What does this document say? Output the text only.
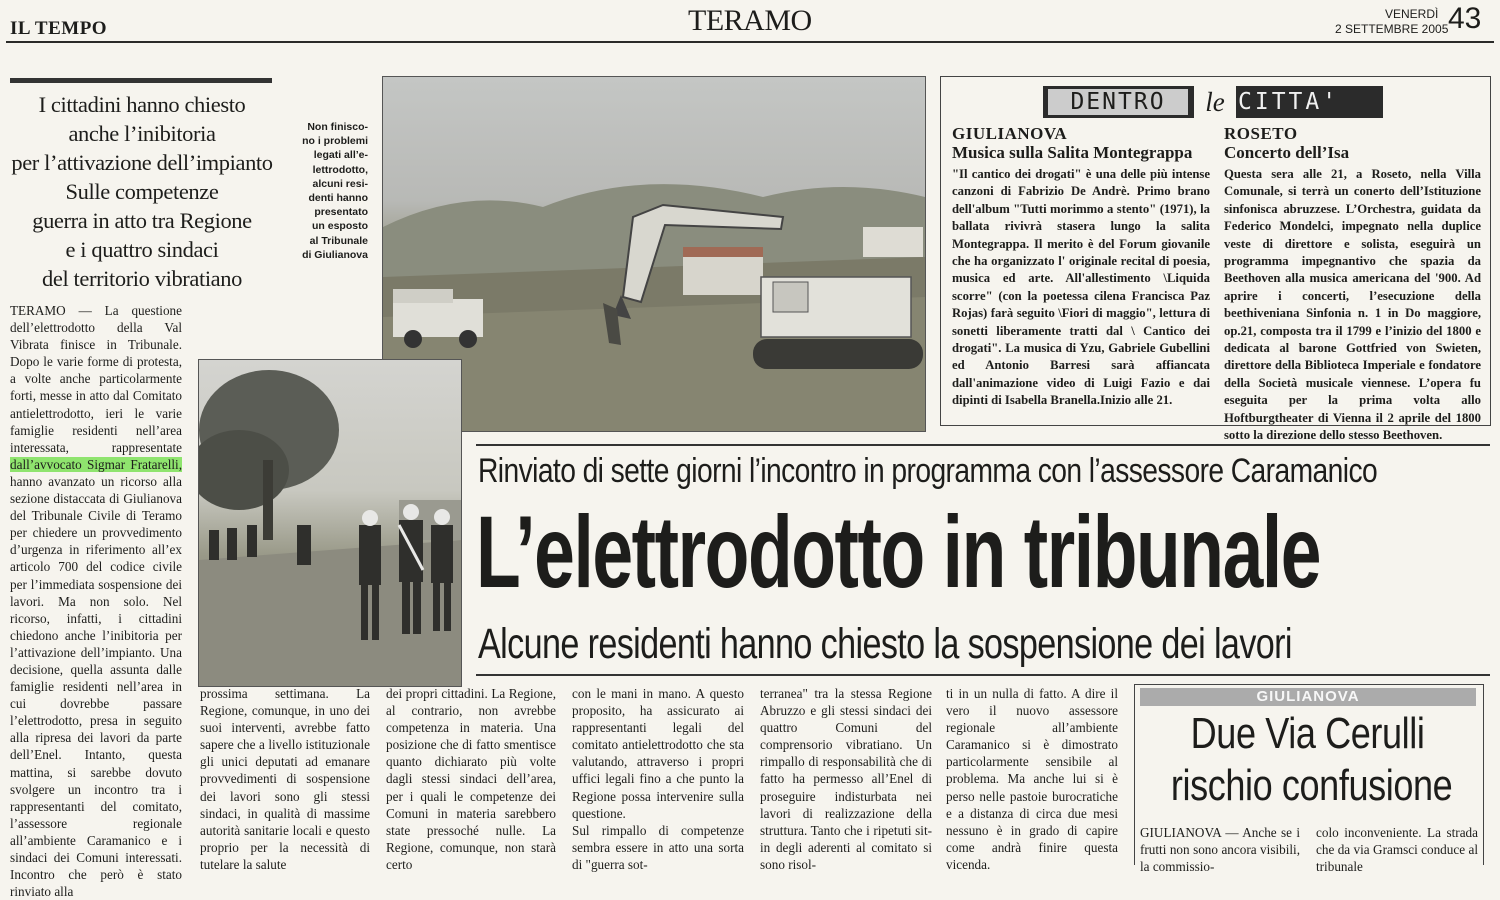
IL TEMPO	TERAMO	VENERDÌ
2 SETTEMBRE 2005 43
I cittadini hanno chiesto
anche l’inibitoria
per l’attivazione dell’impianto
Sulle competenze
guerra in atto tra Regione
e i quattro sindaci
del territorio vibratiano
Non finisco-
no i problemi
legati all’e-
lettrodotto,
alcuni resi-
denti hanno
presentato
un esposto
al Tribunale
di Giulianova
DENTRO	le CITTA'
GIULIANOVA
Musica sulla Salita Montegrappa
"Il cantico dei drogati" è una delle più intense canzoni di Fabrizio De Andrè. Primo brano dell'album "Tutti morimmo a stento" (1971), la ballata rivivrà stasera lungo la salita Montegrappa. Il merito è del Forum giovanile che ha organizzato l' originale recital di poesia, musica ed arte. All'allestimento \Liquida scorre" (con la poetessa cilena Francisca Paz Rojas) farà seguito \Fiori di maggio", lettura di sonetti liberamente tratti dal \ Cantico dei drogati". La musica di Yzu, Gabriele Gubellini ed Antonio Barresi sarà affiancata dall'animazione video di Luigi Fazio e dai dipinti di Isabella Branella.Inizio alle 21.
ROSETO
Concerto dell’Isa
Questa sera alle 21, a Roseto, nella Villa Comunale, si terrà un conerto dell’Istituzione sinfonisca abruzzese. L’Orchestra, guidata da Federico Mondelci, impegnato nella duplice veste di direttore e solista, eseguirà un programma impegnantivo che spazia da Beethoven alla musica americana del '900. Ad aprire i concerti, l’esecuzione della beethiveniana Sinfonia n. 1 in Do maggiore, op.21, composta tra il 1799 e l’inizio del 1800 e dedicata al barone Gottfried von Swieten, direttore della Biblioteca Imperiale e fondatore della Società musicale viennese. L’opera fu eseguita per la prima volta allo Hoftburgtheater di Vienna il 2 aprile del 1800 sotto la direzione dello stesso Beethoven.
Rinviato di sette giorni l’incontro in programma con l’assessore Caramanico
L’elettrodotto in tribunale
Alcune residenti hanno chiesto la sospensione dei lavori
TERAMO — La questione dell’elettrodotto della Val Vibrata finisce in Tribunale. Dopo le varie forme di protesta, a volte anche particolarmente forti, messe in atto dal Comitato antielettrodotto, ieri le varie famiglie residenti nell’area interessata, rappresentate dall’avvocato Sigmar Fratarelli, hanno avanzato un ricorso alla sezione distaccata di Giulianova del Tribunale Civile di Teramo per chiedere un provvedimento d’urgenza in riferimento all’ex articolo 700 del codice civile per l’immediata sospensione dei lavori. Ma non solo. Nel ricorso, infatti, i cittadini chiedono anche l’inibitoria per l’attivazione dell’impianto. Una decisione, quella assunta dalle famiglie residenti nell’area in cui dovrebbe passare l’elettrodotto, presa in seguito alla ripresa dei lavori da parte dell’Enel. Intanto, questa mattina, si sarebbe dovuto svolgere un incontro tra i rappresentanti del comitato, l’assessore regionale all’ambiente Caramanico e i sindaci dei Comuni interessati. Incontro che però è stato rinviato alla
prossima settimana. La Regione, comunque, in uno dei suoi interventi, avrebbe fatto sapere che a livello istituzionale gli unici deputati ad emanare provvedimenti di sospensione dei lavori sono gli stessi sindaci, in qualità di massime autorità sanitarie locali e questo proprio per la necessità di tutelare la salute
dei propri cittadini. La Regione, al contrario, non avrebbe competenza in materia. Una posizione che di fatto smentisce quanto dichiarato più volte dagli stessi sindaci dell’area, per i quali le competenze dei Comuni in materia sarebbero state pressoché nulle. La Regione, comunque, non starà certo
con le mani in mano. A questo proposito, ha assicurato ai rappresentanti legali del comitato antielettrodotto che sta valutando, attraverso i propri uffici legali fino a che punto la Regione possa intervenire sulla questione.
Sul rimpallo di competenze sembra essere in atto una sorta di "guerra sot-
terranea" tra la stessa Regione Abruzzo e gli stessi sindaci dei quattro Comuni del comprensorio vibratiano. Un rimpallo di responsabilità che di fatto ha permesso all’Enel di proseguire indisturbata nei lavori di realizzazione della struttura. Tanto che i ripetuti sit-in degli aderenti al comitato si sono risol-
ti in un nulla di fatto. A dire il vero il nuovo assessore regionale all’ambiente Caramanico si è dimostrato particolarmente sensibile al problema. Ma anche lui si è perso nelle pastoie burocratiche e a distanza di circa due mesi nessuno è in grado di capire come andrà finire questa vicenda.
GIULIANOVA
Due Via Cerulli
rischio confusione
GIULIANOVA — Anche se i frutti non sono ancora visibili, la commissio-
colo inconveniente. La strada che da via Gramsci conduce al tribunale
